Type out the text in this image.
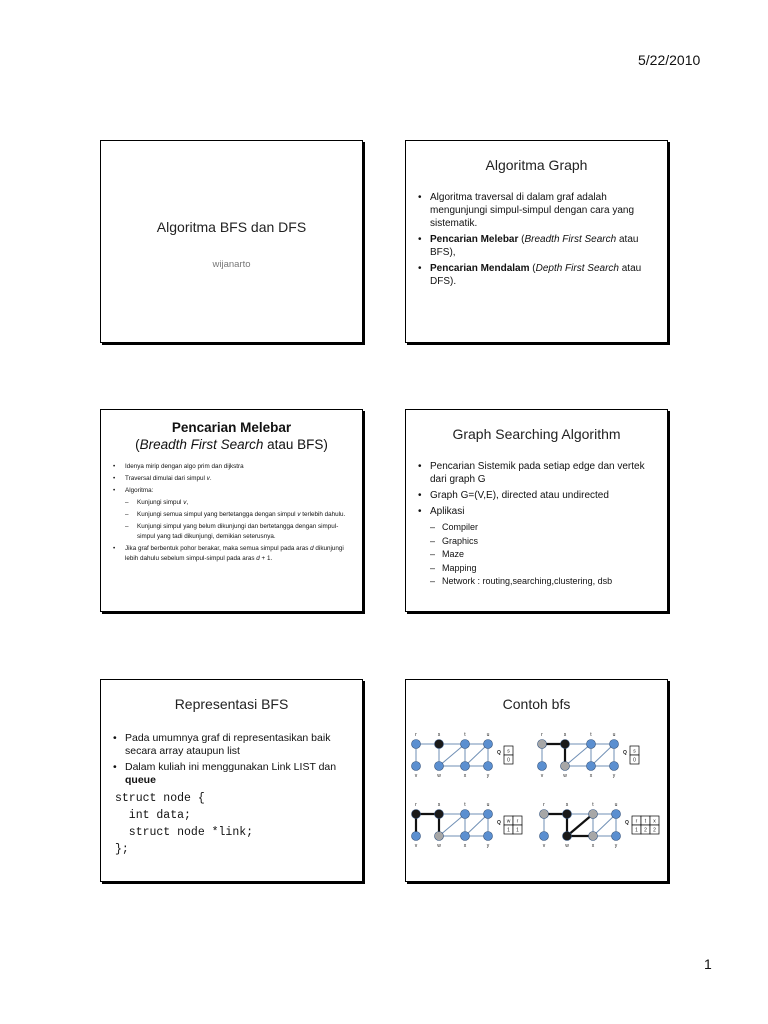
5/22/2010
Algoritma BFS dan DFS
wijanarto
Algoritma Graph
• Algoritma traversal di dalam graf adalah mengunjungi simpul-simpul dengan cara yang sistematik.
• Pencarian Melebar (Breadth First Search atau BFS),
• Pencarian Mendalam (Depth First Search atau DFS).
Pencarian Melebar
(Breadth First Search atau BFS)
• Idenya mirip dengan algo prim dan dijkstra
• Traversal dimulai dari simpul v.
• Algoritma:
– Kunjungi simpul v,
– Kunjungi semua simpul yang bertetangga dengan simpul v terlebih dahulu.
– Kunjungi simpul yang belum dikunjungi dan bertetangga dengan simpul-simpul yang tadi dikunjungi, demikian seterusnya.
• Jika graf berbentuk pohor berakar, maka semua simpul pada aras d dikunjungi lebih dahulu sebelum simpul-simpul pada aras d + 1.
Graph Searching Algorithm
• Pencarian Sistemik pada setiap edge dan vertek dari graph G
• Graph G=(V,E), directed atau undirected
• Aplikasi
– Compiler
– Graphics
– Maze
– Mapping
– Network : routing,searching,clustering, dsb
Representasi BFS
• Pada umumnya graf di representasikan baik secara array ataupun list
• Dalam kuliah ini menggunakan Link LIST dan queue
struct node {
int data;
struct node *link;
};
Contoh bfs
r	s	t	u
v	w	x	y
Q s
0
r	s	t	u
v	w	x	y
Q s
0
r	s	t	u
v	w	x	y
Q w
1
r
1
r	s	t	u
v	w	x	y
Q r
1
t
2
x
2
1
